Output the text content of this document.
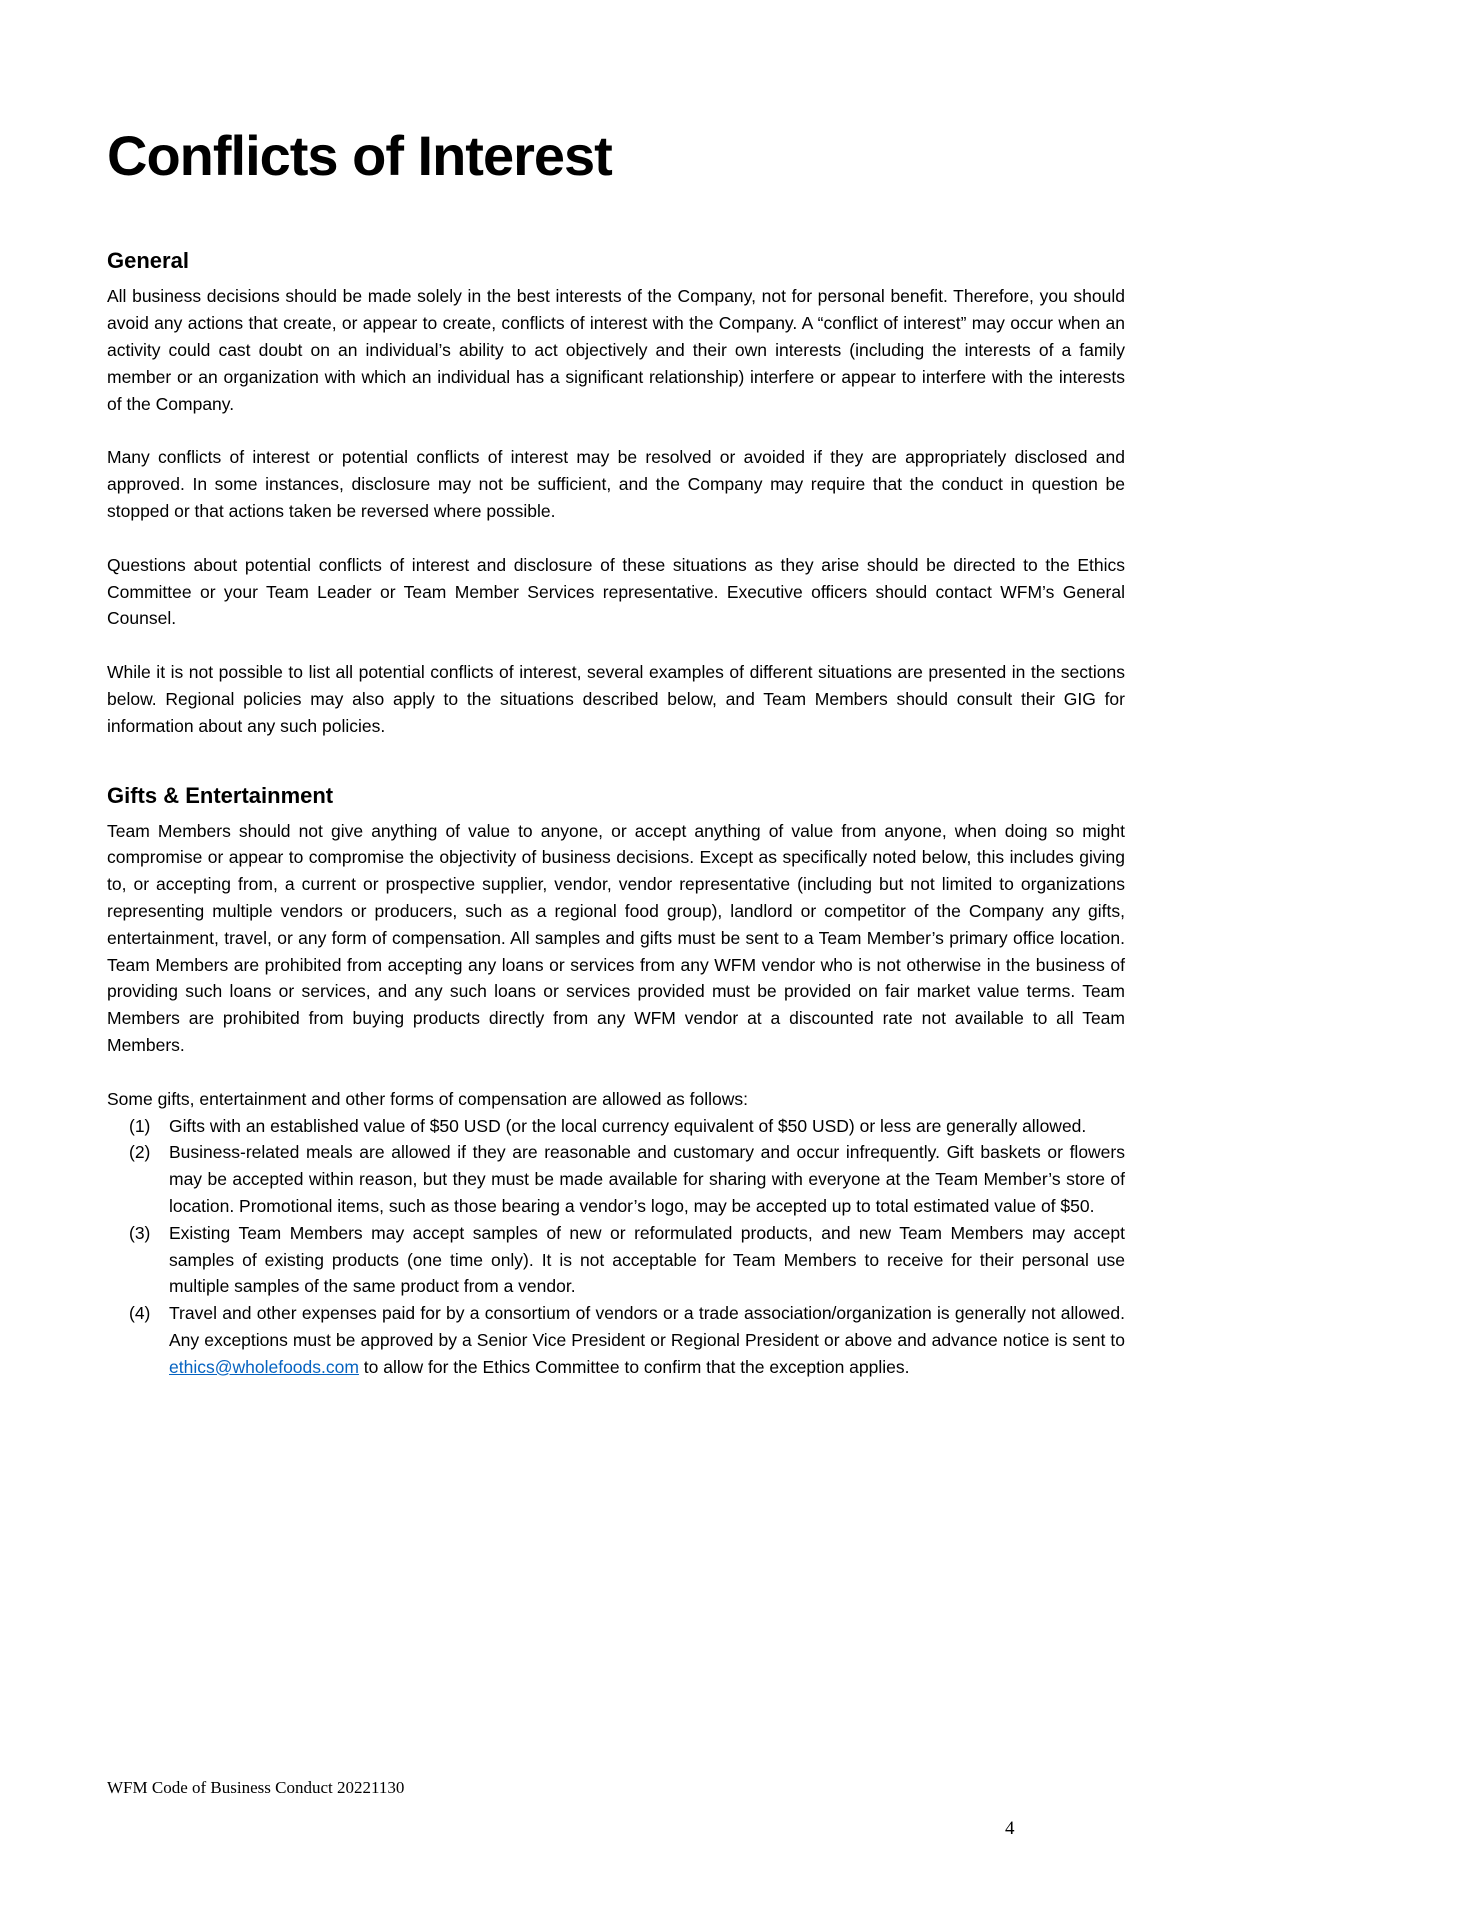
Conflicts of Interest
General

All business decisions should be made solely in the best interests of the Company, not for personal benefit. Therefore, you should avoid any actions that create, or appear to create, conflicts of interest with the Company. A “conflict of interest” may occur when an activity could cast doubt on an individual’s ability to act objectively and their own interests (including the interests of a family member or an organization with which an individual has a significant relationship) interfere or appear to interfere with the interests of the Company.

Many conflicts of interest or potential conflicts of interest may be resolved or avoided if they are appropriately disclosed and approved. In some instances, disclosure may not be sufficient, and the Company may require that the conduct in question be stopped or that actions taken be reversed where possible.

Questions about potential conflicts of interest and disclosure of these situations as they arise should be directed to the Ethics Committee or your Team Leader or Team Member Services representative. Executive officers should contact WFM’s General Counsel.

While it is not possible to list all potential conflicts of interest, several examples of different situations are presented in the sections below. Regional policies may also apply to the situations described below, and Team Members should consult their GIG for information about any such policies.

Gifts & Entertainment

Team Members should not give anything of value to anyone, or accept anything of value from anyone, when doing so might compromise or appear to compromise the objectivity of business decisions. Except as specifically noted below, this includes giving to, or accepting from, a current or prospective supplier, vendor, vendor representative (including but not limited to organizations representing multiple vendors or producers, such as a regional food group), landlord or competitor of the Company any gifts, entertainment, travel, or any form of compensation. All samples and gifts must be sent to a Team Member’s primary office location. Team Members are prohibited from accepting any loans or services from any WFM vendor who is not otherwise in the business of providing such loans or services, and any such loans or services provided must be provided on fair market value terms. Team Members are prohibited from buying products directly from any WFM vendor at a discounted rate not available to all Team Members.

Some gifts, entertainment and other forms of compensation are allowed as follows:

(1)	Gifts with an established value of $50 USD (or the local currency equivalent of $50 USD) or less are generally allowed.
(2)	Business-related meals are allowed if they are reasonable and customary and occur infrequently. Gift baskets or flowers may be accepted within reason, but they must be made available for sharing with everyone at the Team Member’s store of location. Promotional items, such as those bearing a vendor’s logo, may be accepted up to total estimated value of $50.
(3)	Existing Team Members may accept samples of new or reformulated products, and new Team Members may accept samples of existing products (one time only). It is not acceptable for Team Members to receive for their personal use multiple samples of the same product from a vendor.
(4)	Travel and other expenses paid for by a consortium of vendors or a trade association/organization is generally not allowed. Any exceptions must be approved by a Senior Vice President or Regional President or above and advance notice is sent to ethics@wholefoods.com to allow for the Ethics Committee to confirm that the exception applies.
WFM Code of Business Conduct 20221130
4
